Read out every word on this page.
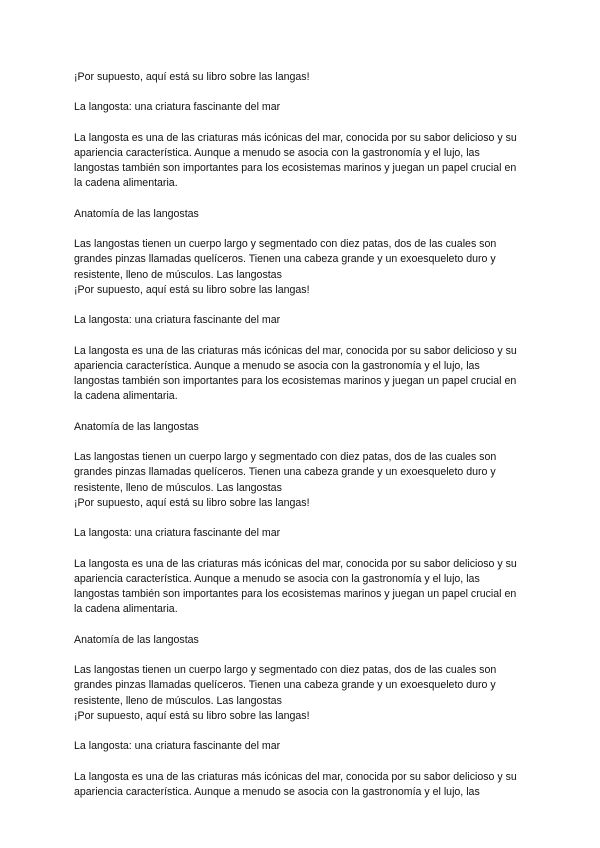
¡Por supuesto, aquí está su libro sobre las langas!

La langosta: una criatura fascinante del mar

La langosta es una de las criaturas más icónicas del mar, conocida por su sabor delicioso y su apariencia característica. Aunque a menudo se asocia con la gastronomía y el lujo, las langostas también son importantes para los ecosistemas marinos y juegan un papel crucial en la cadena alimentaria.

Anatomía de las langostas

Las langostas tienen un cuerpo largo y segmentado con diez patas, dos de las cuales son grandes pinzas llamadas quelíceros. Tienen una cabeza grande y un exoesqueleto duro y resistente, lleno de músculos. Las langostas

¡Por supuesto, aquí está su libro sobre las langas!

La langosta: una criatura fascinante del mar

La langosta es una de las criaturas más icónicas del mar, conocida por su sabor delicioso y su apariencia característica. Aunque a menudo se asocia con la gastronomía y el lujo, las langostas también son importantes para los ecosistemas marinos y juegan un papel crucial en la cadena alimentaria.

Anatomía de las langostas

Las langostas tienen un cuerpo largo y segmentado con diez patas, dos de las cuales son grandes pinzas llamadas quelíceros. Tienen una cabeza grande y un exoesqueleto duro y resistente, lleno de músculos. Las langostas

¡Por supuesto, aquí está su libro sobre las langas!

La langosta: una criatura fascinante del mar

La langosta es una de las criaturas más icónicas del mar, conocida por su sabor delicioso y su apariencia característica. Aunque a menudo se asocia con la gastronomía y el lujo, las langostas también son importantes para los ecosistemas marinos y juegan un papel crucial en la cadena alimentaria.

Anatomía de las langostas

Las langostas tienen un cuerpo largo y segmentado con diez patas, dos de las cuales son grandes pinzas llamadas quelíceros. Tienen una cabeza grande y un exoesqueleto duro y resistente, lleno de músculos. Las langostas

¡Por supuesto, aquí está su libro sobre las langas!

La langosta: una criatura fascinante del mar

La langosta es una de las criaturas más icónicas del mar, conocida por su sabor delicioso y su apariencia característica. Aunque a menudo se asocia con la gastronomía y el lujo, las
